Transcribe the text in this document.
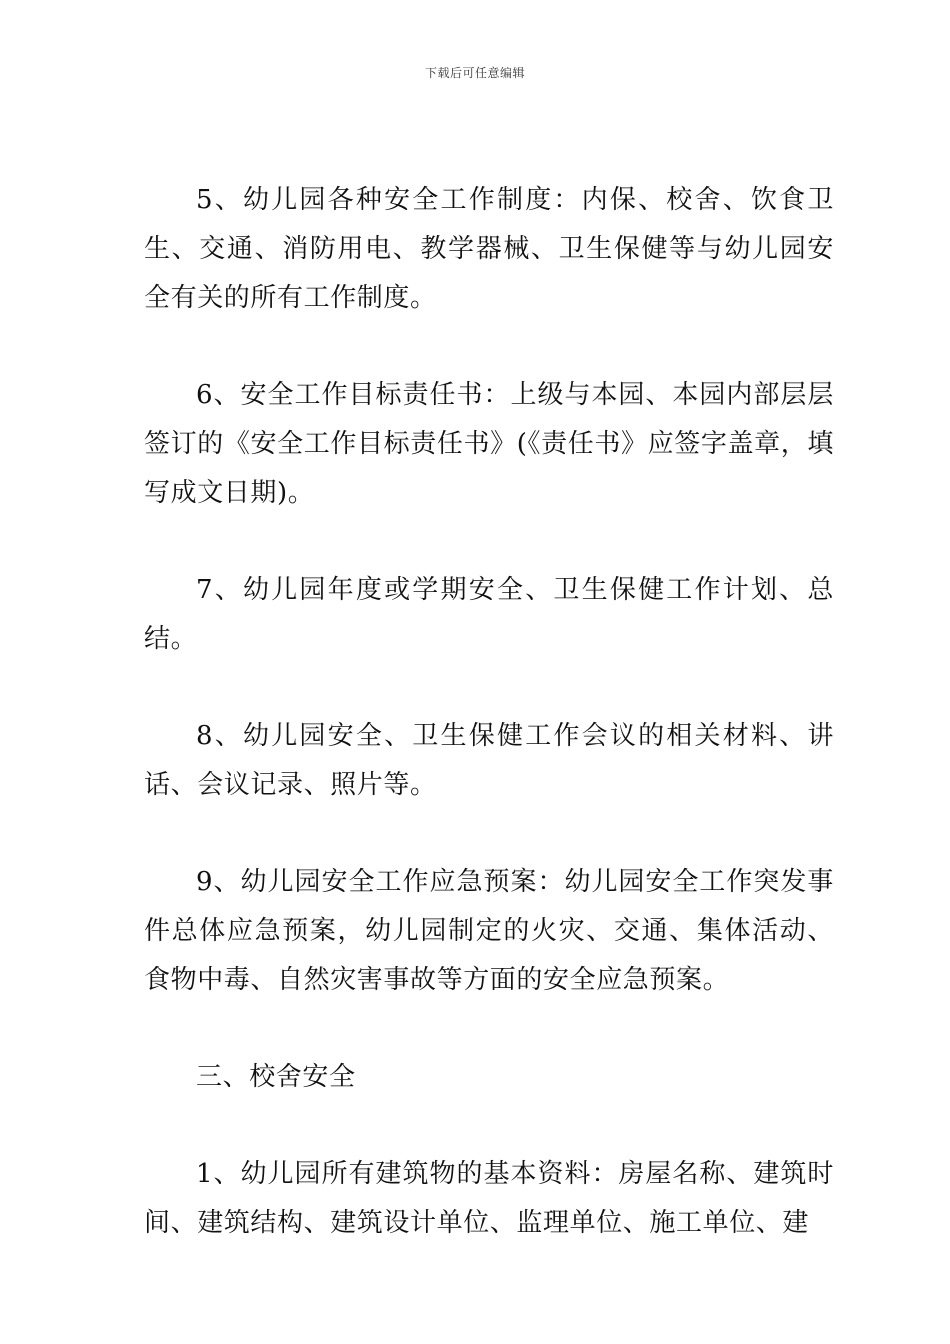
下载后可任意编辑

5、幼儿园各种安全工作制度：内保、校舍、饮食卫生、交通、消防用电、教学器械、卫生保健等与幼儿园安全有关的所有工作制度。

6、安全工作目标责任书：上级与本园、本园内部层层签订的《安全工作目标责任书》(《责任书》应签字盖章，填写成文日期)。

7、幼儿园年度或学期安全、卫生保健工作计划、总结。

8、幼儿园安全、卫生保健工作会议的相关材料、讲话、会议记录、照片等。

9、幼儿园安全工作应急预案：幼儿园安全工作突发事件总体应急预案，幼儿园制定的火灾、交通、集体活动、食物中毒、自然灾害事故等方面的安全应急预案。

三、校舍安全

1、幼儿园所有建筑物的基本资料：房屋名称、建筑时间、建筑结构、建筑设计单位、监理单位、施工单位、建
